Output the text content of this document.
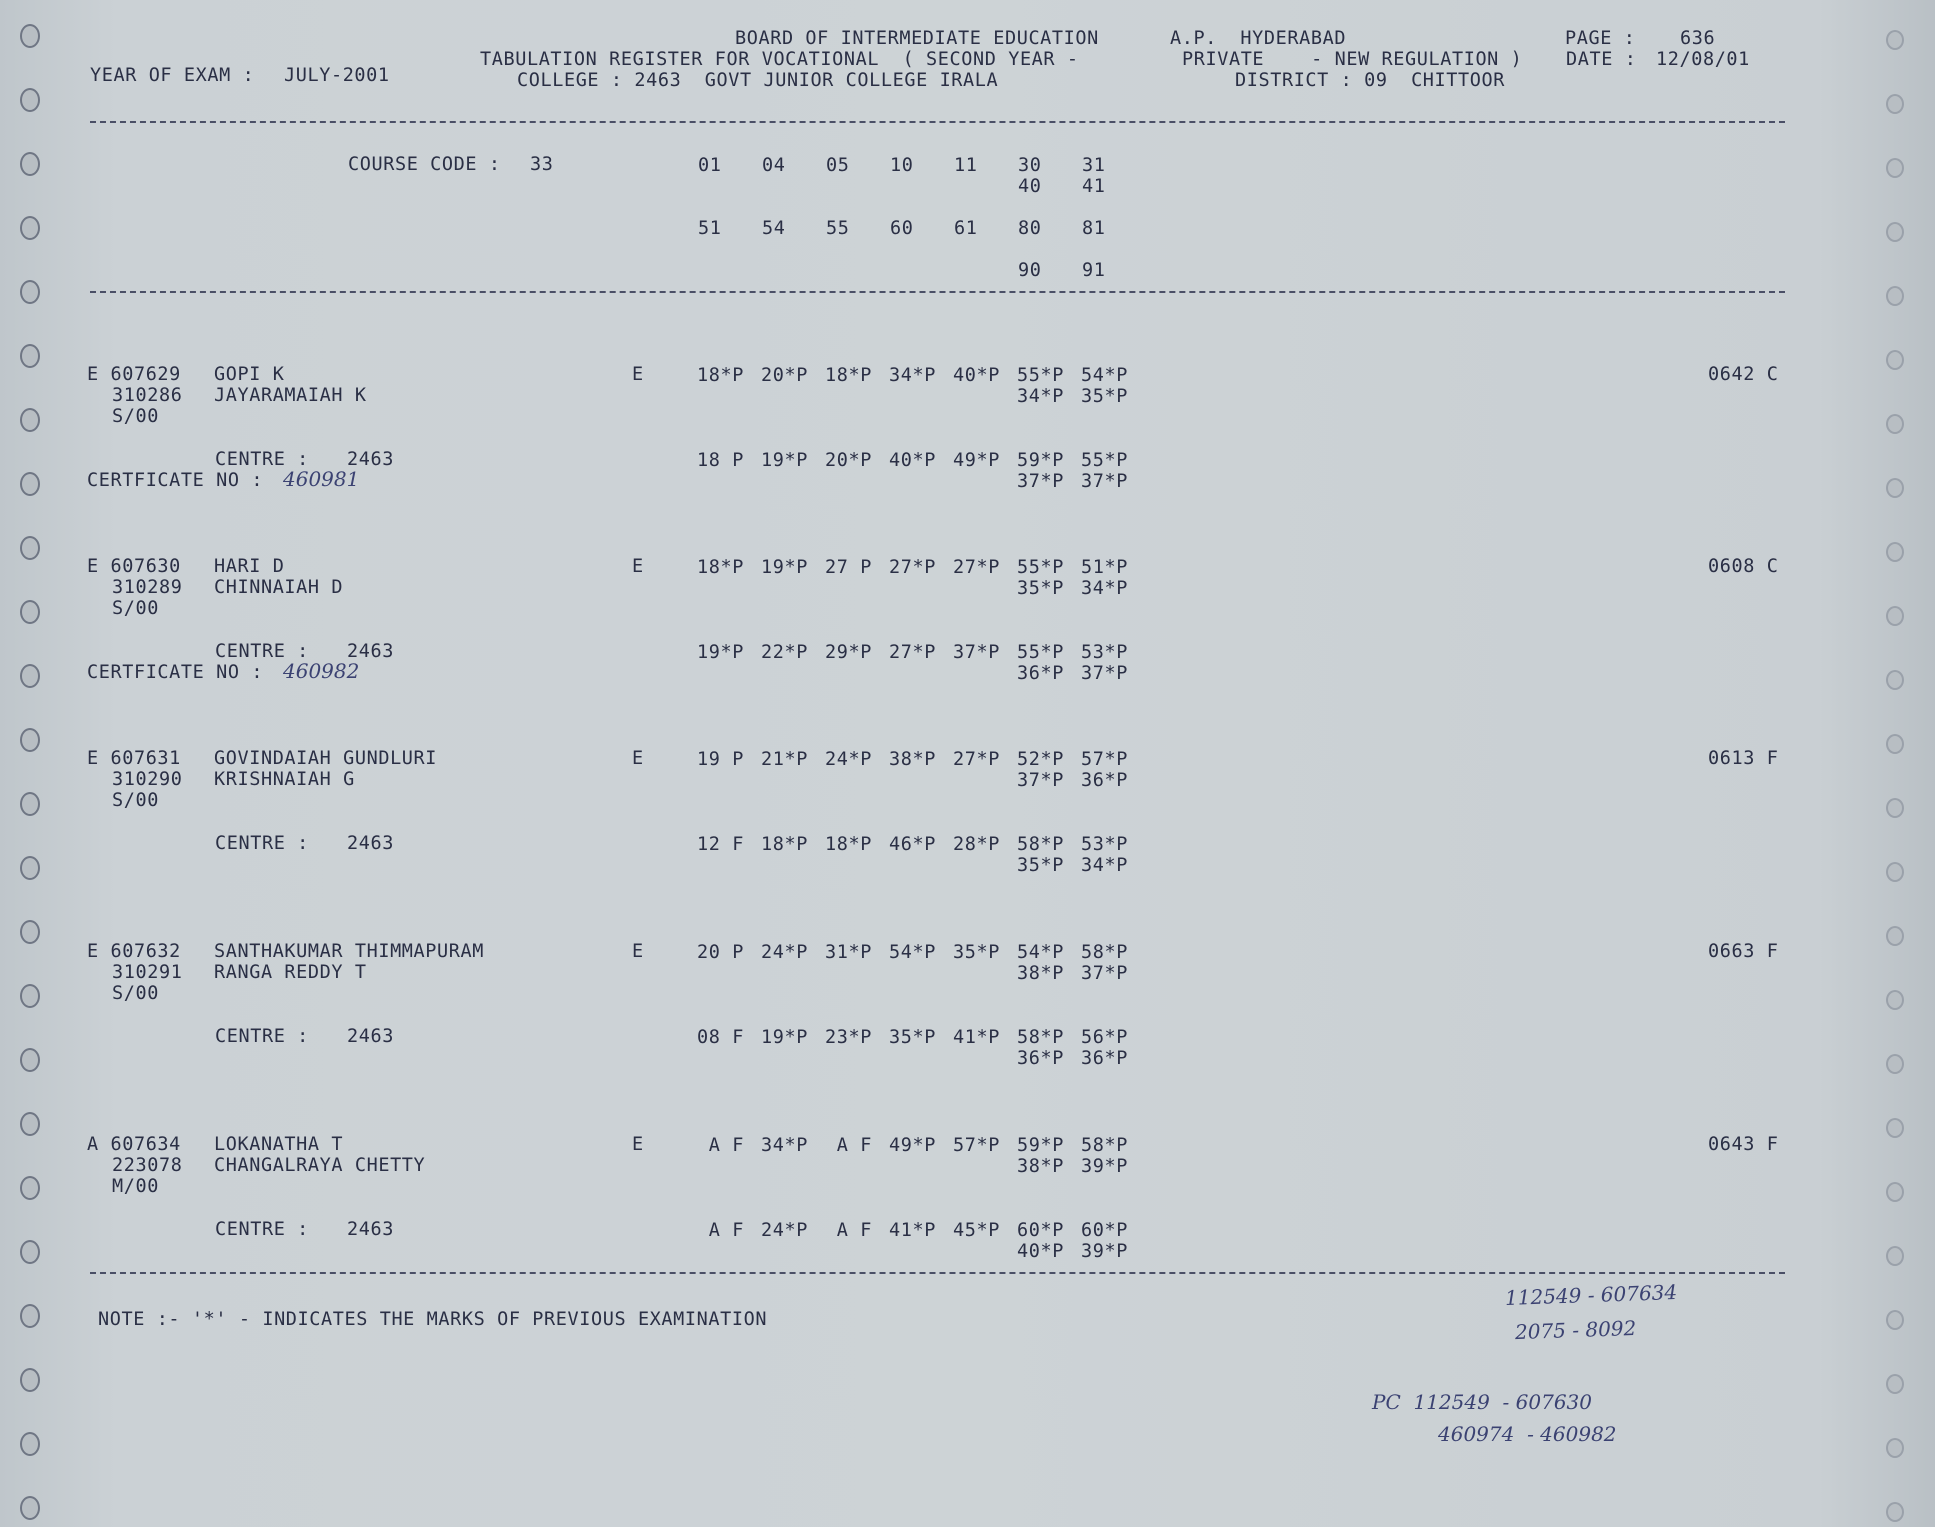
BOARD OF INTERMEDIATE EDUCATION	A.P.  HYDERABAD	PAGE : 636
TABULATION REGISTER FOR VOCATIONAL  ( SECOND YEAR -	PRIVATE    - NEW REGULATION ) DATE : 12/08/01
YEAR OF EXAM : JULY-2001	COLLEGE : 2463  GOVT JUNIOR COLLEGE IRALA	DISTRICT : 09  CHITTOOR
COURSE CODE : 33	01 04 05 10 11 30 31
40 41
51 54 55 60 61 80 81
90 91
E 607629 GOPI K	E	18*P 20*P 18*P 34*P 40*P 55*P 54*P	0642 C
34*P 35*P
310286 JAYARAMAIAH K
S/00
CENTRE : 2463	18 P 19*P 20*P 40*P 49*P 59*P 55*P
37*P 37*P
CERTFICATE NO : 460981
E 607630 HARI D	E	18*P 19*P 27 P 27*P 27*P 55*P 51*P	0608 C
35*P 34*P
310289 CHINNAIAH D
S/00
CENTRE : 2463	19*P 22*P 29*P 27*P 37*P 55*P 53*P
36*P 37*P
CERTFICATE NO : 460982
E 607631 GOVINDAIAH GUNDLURI	E	19 P 21*P 24*P 38*P 27*P 52*P 57*P	0613 F
37*P 36*P
310290 KRISHNAIAH G
S/00
CENTRE : 2463	12 F 18*P 18*P 46*P 28*P 58*P 53*P
35*P 34*P
E 607632 SANTHAKUMAR THIMMAPURAM	E	20 P 24*P 31*P 54*P 35*P 54*P 58*P	0663 F
38*P 37*P
310291 RANGA REDDY T
S/00
CENTRE : 2463	08 F 19*P 23*P 35*P 41*P 58*P 56*P
36*P 36*P
A 607634 LOKANATHA T	E	A F 34*P A F 49*P 57*P 59*P 58*P	0643 F
38*P 39*P
223078 CHANGALRAYA CHETTY
M/00
CENTRE : 2463	A F 24*P A F 41*P 45*P 60*P 60*P
40*P 39*P
NOTE :- '*' - INDICATES THE MARKS OF PREVIOUS EXAMINATION
112549 - 607634
2075 - 8092
PC  112549  - 607630
460974  - 460982
